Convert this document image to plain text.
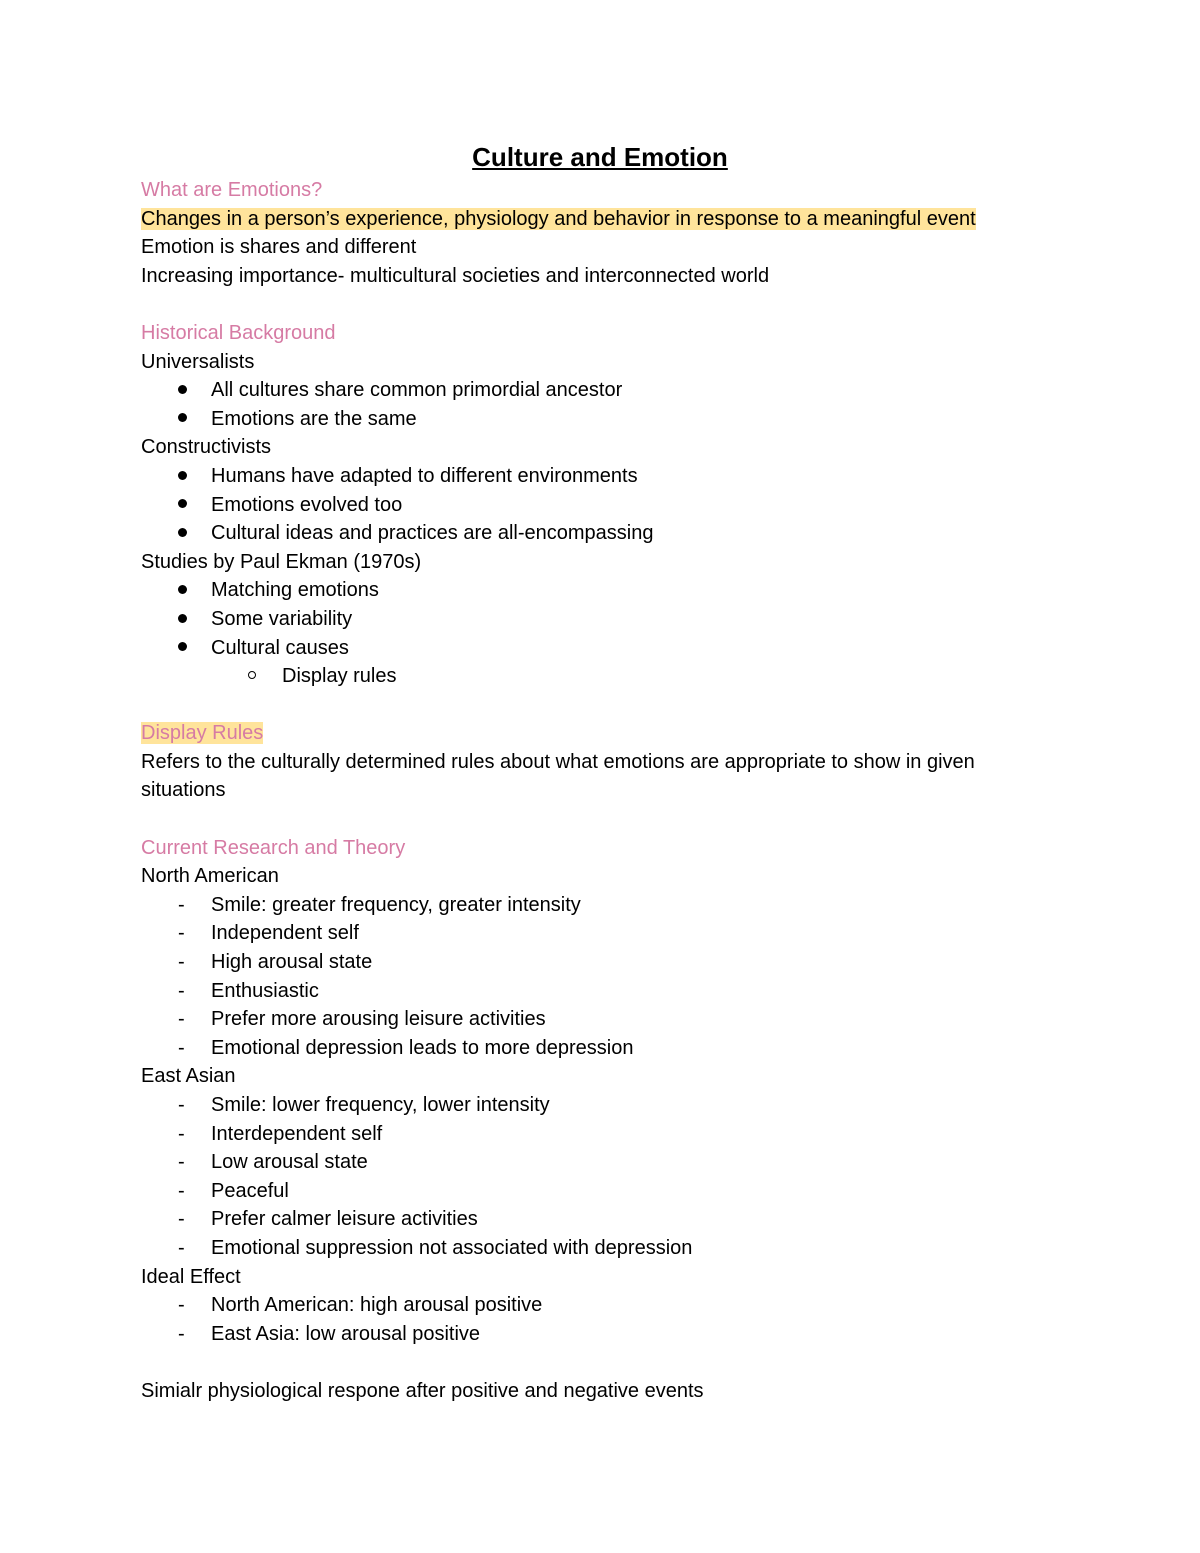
Culture and Emotion

What are Emotions?

Changes in a person’s experience, physiology and behavior in response to a meaningful event

Emotion is shares and different

Increasing importance- multicultural societies and interconnected world

Historical Background

Universalists

All cultures share common primordial ancestor
Emotions are the same

Constructivists

Humans have adapted to different environments
Emotions evolved too
Cultural ideas and practices are all-encompassing

Studies by Paul Ekman (1970s)

Matching emotions
Some variability
Cultural causes
Display rules

Display Rules

Refers to the culturally determined rules about what emotions are appropriate to show in given situations

Current Research and Theory

North American

- Smile: greater frequency, greater intensity
- Independent self
- High arousal state
- Enthusiastic
- Prefer more arousing leisure activities
- Emotional depression leads to more depression

East Asian

- Smile: lower frequency, lower intensity
- Interdependent self
- Low arousal state
- Peaceful
- Prefer calmer leisure activities
- Emotional suppression not associated with depression

Ideal Effect

- North American: high arousal positive
- East Asia: low arousal positive

Simialr physiological respone after positive and negative events
